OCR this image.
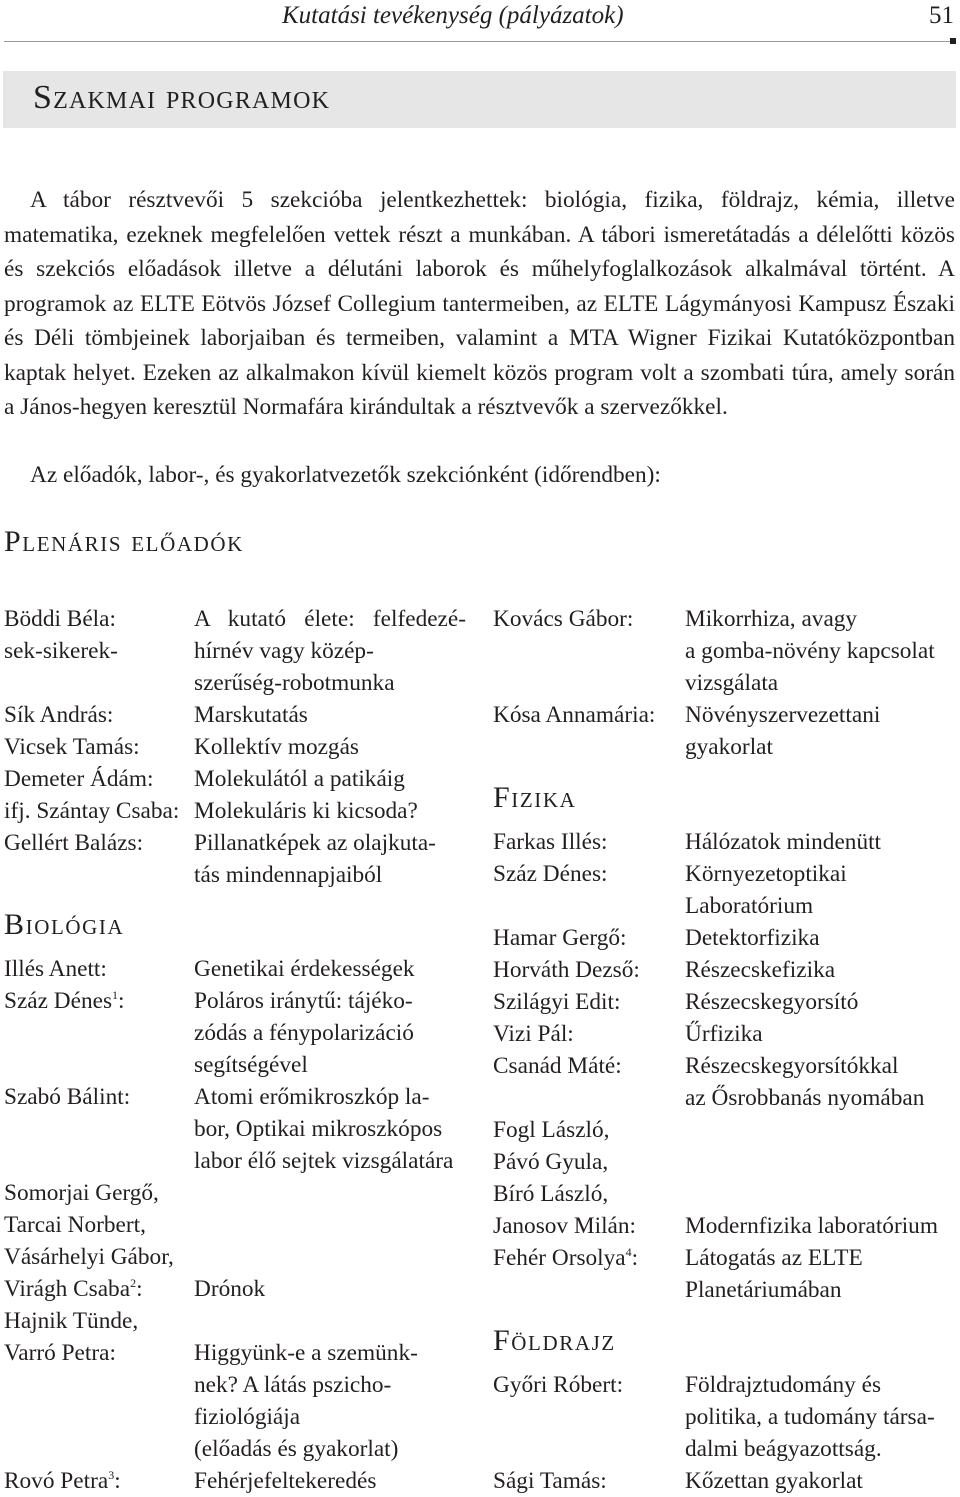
Kutatási tevékenység (pályázatok)	51
Szakmai programok

A tábor résztvevői 5 szekcióba jelentkezhettek: biológia, fizika, földrajz, kémia, illetve matematika, ezeknek megfelelően vettek részt a munkában. A tábori ismeretátadás a délelőtti közös és szekciós előadások illetve a délutáni laborok és műhelyfoglalkozások alkalmával történt. A programok az ELTE Eötvös József Collegium tantermeiben, az ELTE Lágymányosi Kampusz Északi és Déli tömbjeinek laborjaiban és termeiben, valamint a MTA Wigner Fizikai Kutatóközpontban kaptak helyet. Ezeken az alkalmakon kívül kiemelt közös program volt a szombati túra, amely során a János-hegyen keresztül Normafára kirándultak a résztvevők a szervezőkkel.

Az előadók, labor-, és gyakorlatvezetők szekciónként (időrendben):

Plenáris előadók
Böddi Béla:
Sík András:
Vicsek Tamás:
Demeter Ádám:
ifj. Szántay Csaba:
Gellért Balázs:
Illés Anett:
Száz Dénes$^1$:
Szabó Bálint:
Somorjai Gergő,
Tarcai Norbert,
Vásárhelyi Gábor,
Virágh Csaba$^2$:
Hajnik Tünde,
Varró Petra:
Rovó Petra$^3$:
Biológia
A kutató élete: felfedezé-
sek-sikerek-	hírnév vagy közép-
szerűség-robotmunka
Marskutatás
Kollektív mozgás
Molekulától a patikáig
Molekuláris ki kicsoda?
Pillanatképek az olajkuta-
tás mindennapjaiból
Genetikai érdekességek
Poláros iránytű: tájéko-
zódás a fénypolarizáció
segítségével
Atomi erőmikroszkóp la-
bor, Optikai mikroszkópos
labor élő sejtek vizsgálatára
Drónok
Higgyünk-e a szemünk-
nek? A látás pszicho-
fiziológiája
(előadás és gyakorlat)
Fehérjefeltekeredés
Fizika
Földrajz
Kovács Gábor:
Kósa Annamária:
Farkas Illés:
Száz Dénes:
Hamar Gergő:
Horváth Dezső:
Szilágyi Edit:
Vizi Pál:
Csanád Máté:
Fogl László,
Pávó Gyula,
Bíró László,
Janosov Milán:
Fehér Orsolya$^4$:
Győri Róbert:
Sági Tamás:
Mikorrhiza, avagy
a gomba-növény kapcsolat
vizsgálata
Növényszervezettani
gyakorlat
Hálózatok mindenütt
Környezetoptikai
Laboratórium
Detektorfizika
Részecskefizika
Részecskegyorsító
Űrfizika
Részecskegyorsítókkal
az Ősrobbanás nyomában
Modernfizika laboratórium
Látogatás az ELTE
Planetáriumában
Földrajztudomány és
politika, a tudomány társa-
dalmi beágyazottság.
Kőzettan gyakorlat
